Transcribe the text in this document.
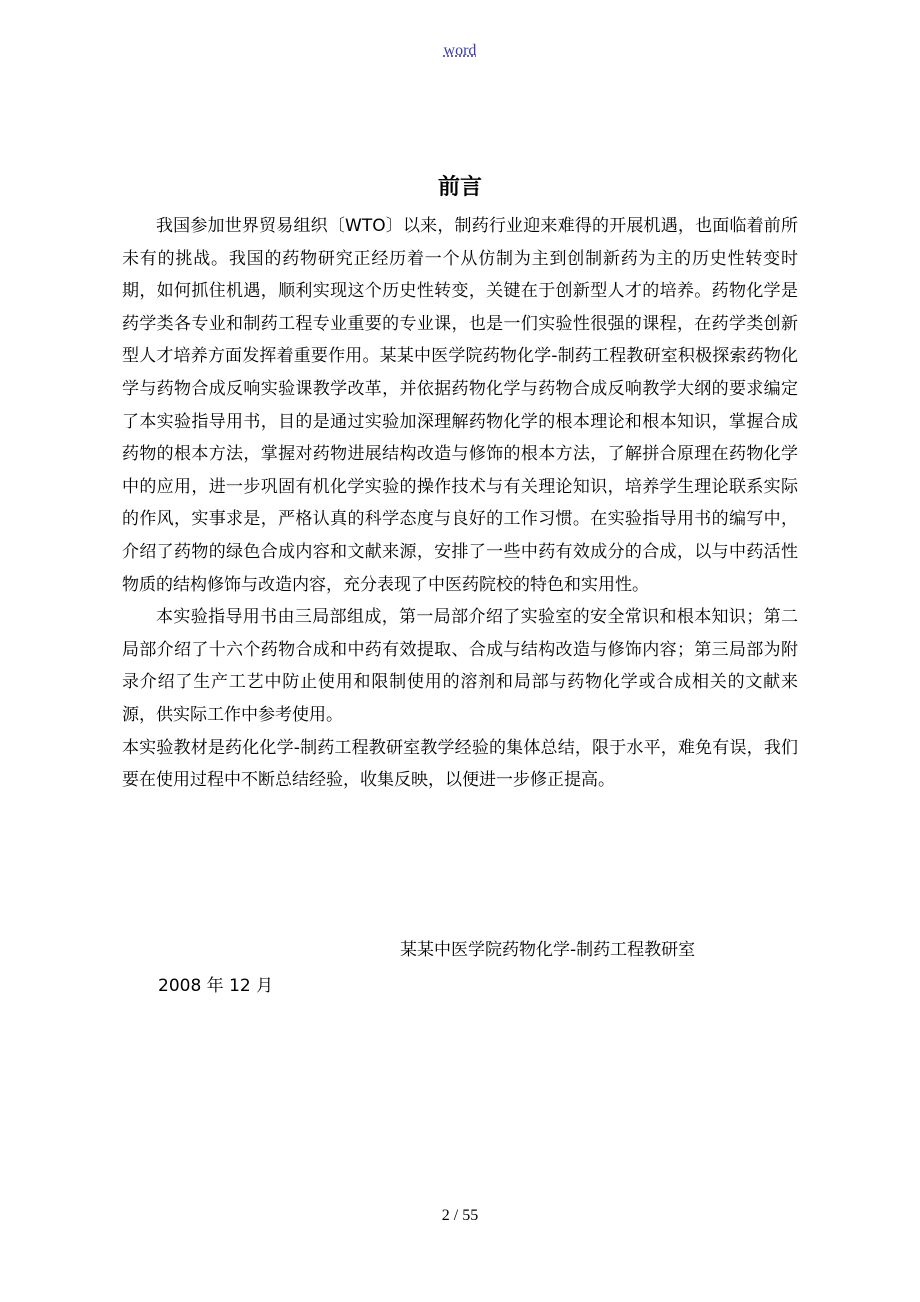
word
前言

我国参加世界贸易组织〔WTO〕以来，制药行业迎来难得的开展机遇，也面临着前所未有的挑战。我国的药物研究正经历着一个从仿制为主到创制新药为主的历史性转变时期，如何抓住机遇，顺利实现这个历史性转变，关键在于创新型人才的培养。药物化学是药学类各专业和制药工程专业重要的专业课，也是一们实验性很强的课程，在药学类创新型人才培养方面发挥着重要作用。某某中医学院药物化学-制药工程教研室积极探索药物化学与药物合成反响实验课教学改革，并依据药物化学与药物合成反响教学大纲的要求编定了本实验指导用书，目的是通过实验加深理解药物化学的根本理论和根本知识，掌握合成药物的根本方法，掌握对药物进展结构改造与修饰的根本方法，了解拼合原理在药物化学中的应用，进一步巩固有机化学实验的操作技术与有关理论知识，培养学生理论联系实际的作风，实事求是，严格认真的科学态度与良好的工作习惯。在实验指导用书的编写中，介绍了药物的绿色合成内容和文献来源，安排了一些中药有效成分的合成，以与中药活性物质的结构修饰与改造内容，充分表现了中医药院校的特色和实用性。

本实验指导用书由三局部组成，第一局部介绍了实验室的安全常识和根本知识；第二局部介绍了十六个药物合成和中药有效提取、合成与结构改造与修饰内容；第三局部为附录介绍了生产工艺中防止使用和限制使用的溶剂和局部与药物化学或合成相关的文献来源，供实际工作中参考使用。

本实验教材是药化化学-制药工程教研室教学经验的集体总结，限于水平，难免有误，我们要在使用过程中不断总结经验，收集反映，以便进一步修正提高。

某某中医学院药物化学-制药工程教研室
2008 年 12 月
2 / 55
